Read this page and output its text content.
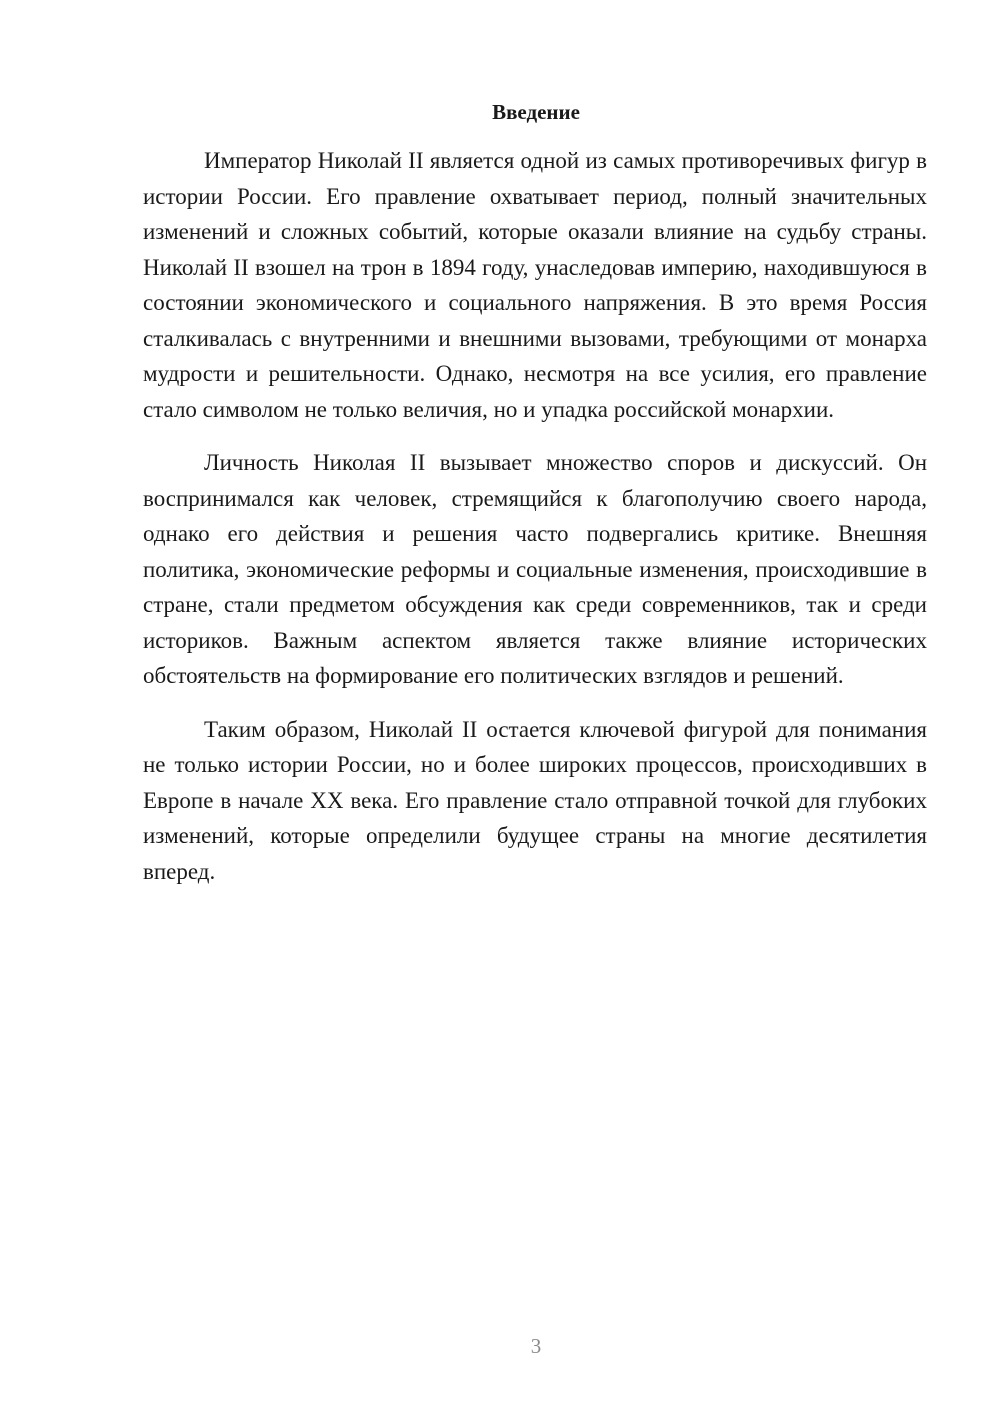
Введение

Император Николай II является одной из самых противоречивых фигур в истории России. Его правление охватывает период, полный значительных изменений и сложных событий, которые оказали влияние на судьбу страны. Николай II взошел на трон в 1894 году, унаследовав империю, находившуюся в состоянии экономического и социального напряжения. В это время Россия сталкивалась с внутренними и внешними вызовами, требующими от монарха мудрости и решительности. Однако, несмотря на все усилия, его правление стало символом не только величия, но и упадка российской монархии.

Личность Николая II вызывает множество споров и дискуссий. Он воспринимался как человек, стремящийся к благополучию своего народа, однако его действия и решения часто подвергались критике. Внешняя политика, экономические реформы и социальные изменения, происходившие в стране, стали предметом обсуждения как среди современников, так и среди историков. Важным аспектом является также влияние исторических обстоятельств на формирование его политических взглядов и решений.

Таким образом, Николай II остается ключевой фигурой для понимания не только истории России, но и более широких процессов, происходивших в Европе в начале XX века. Его правление стало отправной точкой для глубоких изменений, которые определили будущее страны на многие десятилетия вперед.

3
